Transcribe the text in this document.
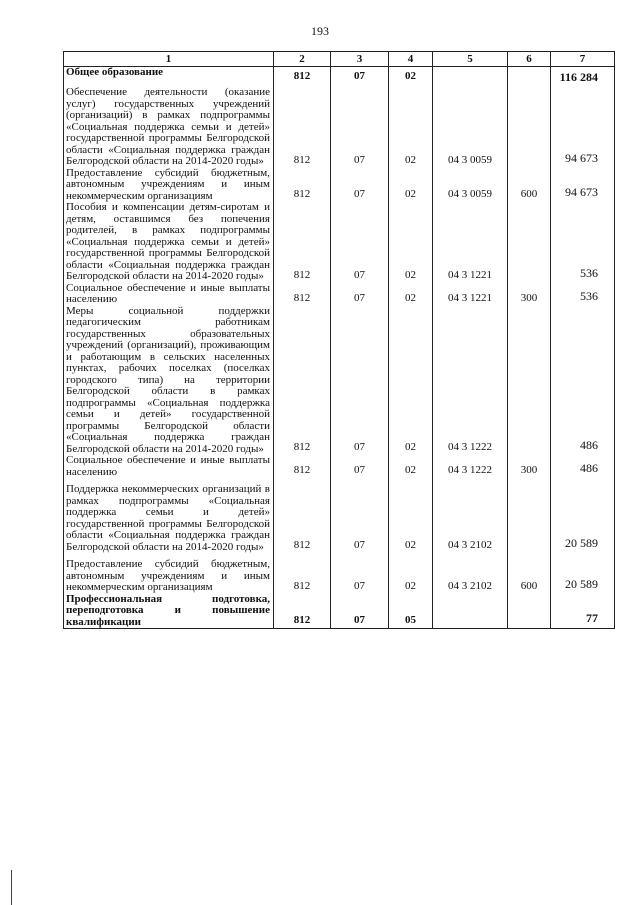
193
1	2	3	4	5	6	7
Общее образование	812	07	02			116 284
Обеспечение деятельности (оказание услуг) государственных учреждений (организаций) в рамках подпрограммы «Социальная поддержка семьи и детей» государственной программы Белгородской области «Социальная поддержка граждан Белгородской области на 2014-2020 годы»	812	07	02	04 3 0059		94 673
Предоставление субсидий бюджетным, автономным учреждениям и иным некоммерческим организациям	812	07	02	04 3 0059	600	94 673
Пособия и компенсации детям-сиротам и детям, оставшимся без попечения родителей, в рамках подпрограммы «Социальная поддержка семьи и детей» государственной программы Белгородской области «Социальная поддержка граждан Белгородской области на 2014-2020 годы»	812	07	02	04 3 1221		536
Социальное обеспечение и иные выплаты населению	812	07	02	04 3 1221	300	536
Меры социальной поддержки педагогическим работникам государственных образовательных учреждений (организаций), проживающим и работающим в сельских населенных пунктах, рабочих поселках (поселках городского типа) на территории Белгородской области в рамках подпрограммы «Социальная поддержка семьи и детей» государственной программы Белгородской области «Социальная поддержка граждан Белгородской области на 2014-2020 годы»	812	07	02	04 3 1222		486
Социальное обеспечение и иные выплаты населению	812	07	02	04 3 1222	300	486
Поддержка некоммерческих организаций в рамках подпрограммы «Социальная поддержка семьи и детей» государственной программы Белгородской области «Социальная поддержка граждан Белгородской области на 2014-2020 годы»	812	07	02	04 3 2102		20 589
Предоставление субсидий бюджетным, автономным учреждениям и иным некоммерческим организациям	812	07	02	04 3 2102	600	20 589
Профессиональная подготовка, переподготовка и повышение квалификации	812	07	05			77
